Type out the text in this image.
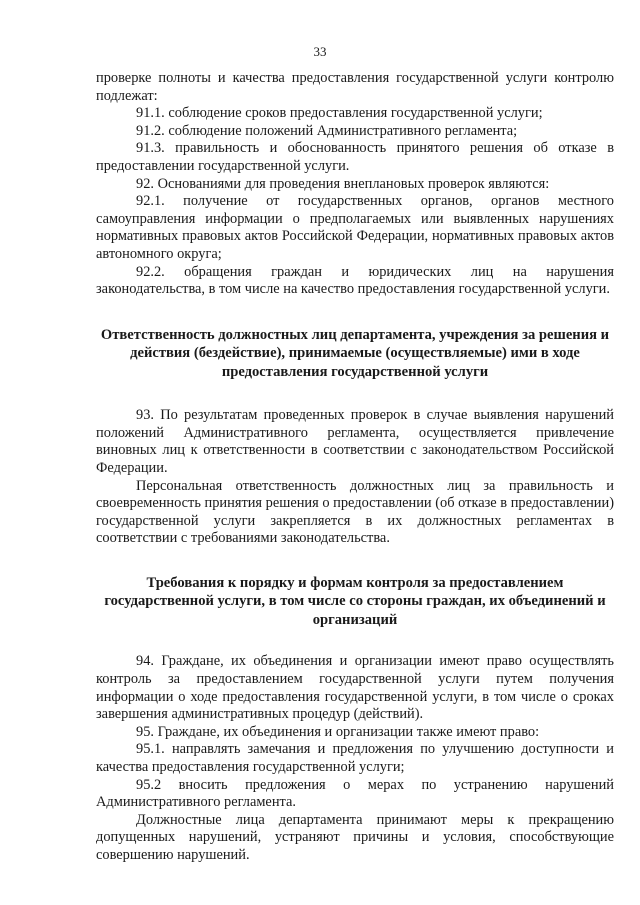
33

проверке полноты и качества предоставления государственной услуги контролю подлежат:

91.1. соблюдение сроков предоставления государственной услуги;

91.2. соблюдение положений Административного регламента;

91.3. правильность и обоснованность принятого решения об отказе в предоставлении государственной услуги.

92. Основаниями для проведения внеплановых проверок являются:

92.1. получение от государственных органов, органов местного самоуправления информации о предполагаемых или выявленных нарушениях нормативных правовых актов Российской Федерации, нормативных правовых актов автономного округа;

92.2. обращения граждан и юридических лиц на нарушения законодательства, в том числе на качество предоставления государственной услуги.

Ответственность должностных лиц департамента, учреждения за решения и действия (бездействие), принимаемые (осуществляемые) ими в ходе предоставления государственной услуги

93. По результатам проведенных проверок в случае выявления нарушений положений Административного регламента, осуществляется привлечение виновных лиц к ответственности в соответствии с законодательством Российской Федерации.

Персональная ответственность должностных лиц за правильность и своевременность принятия решения о предоставлении (об отказе в предоставлении) государственной услуги закрепляется в их должностных регламентах в соответствии с требованиями законодательства.

Требования к порядку и формам контроля за предоставлением государственной услуги, в том числе со стороны граждан, их объединений и организаций

94. Граждане, их объединения и организации имеют право осуществлять контроль за предоставлением государственной услуги путем получения информации о ходе предоставления государственной услуги, в том числе о сроках завершения административных процедур (действий).

95. Граждане, их объединения и организации также имеют право:

95.1. направлять замечания и предложения по улучшению доступности и качества предоставления государственной услуги;

95.2 вносить предложения о мерах по устранению нарушений Административного регламента.

Должностные лица департамента принимают меры к прекращению допущенных нарушений, устраняют причины и условия, способствующие совершению нарушений.
